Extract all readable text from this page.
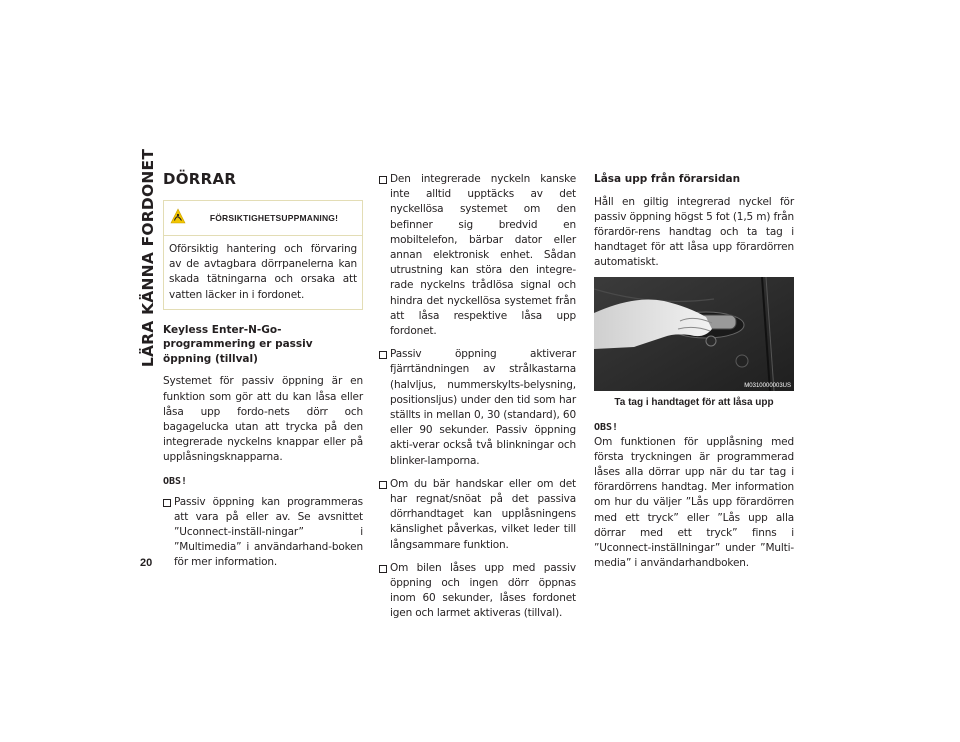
LÄRA KÄNNA FORDONET
20
DÖRRAR
FÖRSIKTIGHETSUPPMANING!
Oförsiktig hantering och förvaring av de avtagbara dörrpanelerna kan skada tätningarna och orsaka att vatten läcker in i fordonet.
Keyless Enter-N-Go-programmering er passiv öppning (tillval)

Systemet för passiv öppning är en funktion som gör att du kan låsa eller låsa upp fordo-nets dörr och bagagelucka utan att trycka på den integrerade nyckelns knappar eller på upplåsningsknapparna.

OBS!
Passiv öppning kan programmeras att vara på eller av. Se avsnittet ”Uconnect-inställ-ningar” i ”Multimedia” i användarhand-boken för mer information.
Den integrerade nyckeln kanske inte alltid upptäcks av det nyckellösa systemet om den befinner sig bredvid en mobiltelefon, bärbar dator eller annan elektronisk enhet. Sådan utrustning kan störa den integre-rade nyckelns trådlösa signal och hindra det nyckellösa systemet från att låsa respektive låsa upp fordonet.
Passiv öppning aktiverar fjärrtändningen av strålkastarna (halvljus, nummerskylts-belysning, positionsljus) under den tid som har ställts in mellan 0, 30 (standard), 60 eller 90 sekunder. Passiv öppning akti-verar också två blinkningar och blinker-lamporna.
Om du bär handskar eller om det har regnat/snöat på det passiva dörrhandtaget kan upplåsningens känslighet påverkas, vilket leder till långsammare funktion.
Om bilen låses upp med passiv öppning och ingen dörr öppnas inom 60 sekunder, låses fordonet igen och larmet aktiveras (tillval).
Låsa upp från förarsidan

Håll en giltig integrerad nyckel för passiv öppning högst 5 fot (1,5 m) från förardör-rens handtag och ta tag i handtaget för att låsa upp förardörren automatiskt.

M0310000003US
Ta tag i handtaget för att låsa upp
OBS!

Om funktionen för upplåsning med första tryckningen är programmerad låses alla dörrar upp när du tar tag i förardörrens handtag. Mer information om hur du väljer ”Lås upp förardörren med ett tryck” eller ”Lås upp alla dörrar med ett tryck” finns i ”Uconnect-inställningar” under ”Multi-media” i användarhandboken.
